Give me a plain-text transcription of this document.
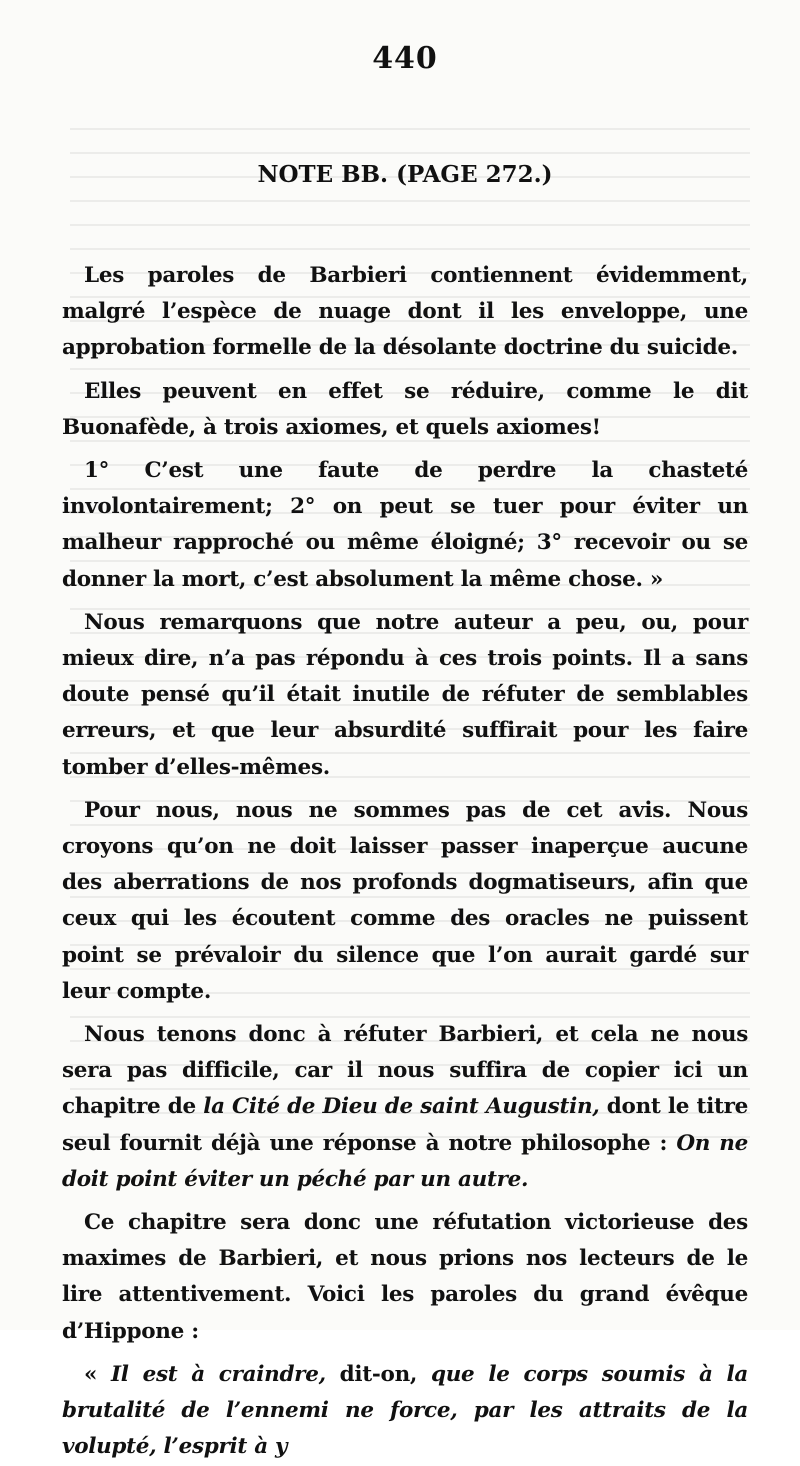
440
NOTE BB. (PAGE 272.)

Les paroles de Barbieri contiennent évidemment, malgré l’espèce de nuage dont il les enveloppe, une approbation formelle de la désolante doctrine du suicide.

Elles peuvent en effet se réduire, comme le dit Buonafède, à trois axiomes, et quels axiomes!

1° C’est une faute de perdre la chasteté involontairement; 2° on peut se tuer pour éviter un malheur rapproché ou même éloigné; 3° recevoir ou se donner la mort, c’est absolument la même chose. »

Nous remarquons que notre auteur a peu, ou, pour mieux dire, n’a pas répondu à ces trois points. Il a sans doute pensé qu’il était inutile de réfuter de semblables erreurs, et que leur absurdité suffirait pour les faire tomber d’elles-mêmes.

Pour nous, nous ne sommes pas de cet avis. Nous croyons qu’on ne doit laisser passer inaperçue aucune des aberrations de nos profonds dogmatiseurs, afin que ceux qui les écoutent comme des oracles ne puissent point se prévaloir du silence que l’on aurait gardé sur leur compte.

Nous tenons donc à réfuter Barbieri, et cela ne nous sera pas difficile, car il nous suffira de copier ici un chapitre de la Cité de Dieu de saint Augustin, dont le titre seul fournit déjà une réponse à notre philosophe : On ne doit point éviter un péché par un autre.

Ce chapitre sera donc une réfutation victorieuse des maximes de Barbieri, et nous prions nos lecteurs de le lire attentivement. Voici les paroles du grand évêque d’Hippone :

« Il est à craindre, dit-on, que le corps soumis à la brutalité de l’ennemi ne force, par les attraits de la volupté, l’esprit à y
